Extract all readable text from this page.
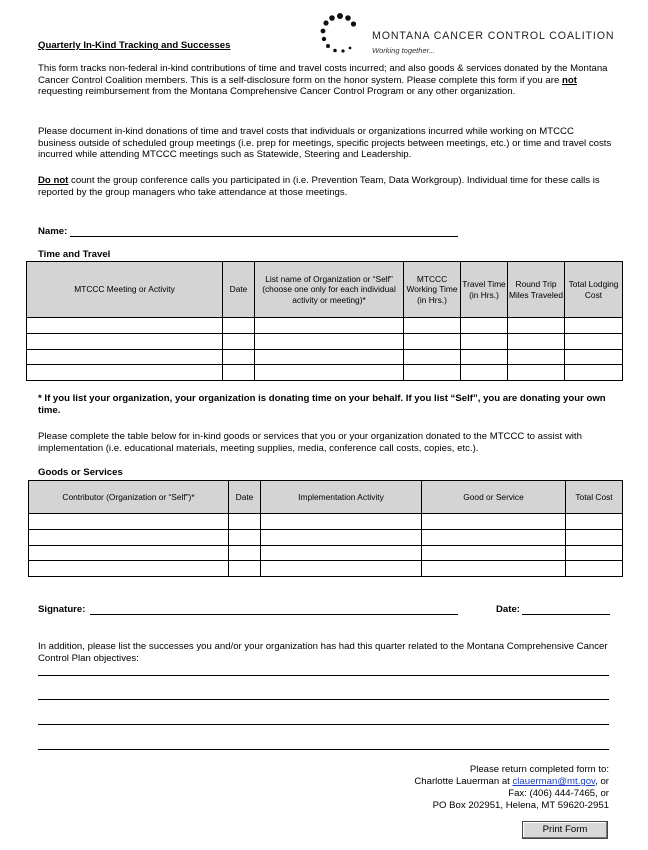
MONTANA CANCER CONTROL COALITION
Working together...
Quarterly In-Kind Tracking and Successes
This form tracks non-federal in-kind contributions of time and travel costs incurred; and also goods & services donated by the Montana Cancer Control Coalition members. This is a self-disclosure form on the honor system. Please complete this form if you are not requesting reimbursement from the Montana Comprehensive Cancer Control Program or any other organization.
Please document in-kind donations of time and travel costs that individuals or organizations incurred while working on MTCCC business outside of scheduled group meetings (i.e. prep for meetings, specific projects between meetings, etc.) or time and travel costs incurred while attending MTCCC meetings such as Statewide, Steering and Leadership.
Do not count the group conference calls you participated in (i.e. Prevention Team, Data Workgroup). Individual time for these calls is reported by the group managers who take attendance at those meetings.
Name:
Time and Travel
MTCCC Meeting or Activity	Date	List name of Organization or “Self” (choose one only for each individual activity or meeting)*	MTCCC Working Time (in Hrs.)	Travel Time (in Hrs.)	Round Trip Miles Traveled	Total Lodging Cost

* If you list your organization, your organization is donating time on your behalf. If you list “Self”, you are donating your own time.
Please complete the table below for in-kind goods or services that you or your organization donated to the MTCCC to assist with implementation (i.e. educational materials, meeting supplies, media, conference call costs, copies, etc.).
Goods or Services
Contributor (Organization or “Self”)*	Date	Implementation Activity	Good or Service	Total Cost

Signature:	Date:
In addition, please list the successes you and/or your organization has had this quarter related to the Montana Comprehensive Cancer Control Plan objectives:
Please return completed form to:
Charlotte Lauerman at clauerman@mt.gov, or
Fax: (406) 444-7465, or
PO Box 202951, Helena, MT 59620-2951
Print Form
